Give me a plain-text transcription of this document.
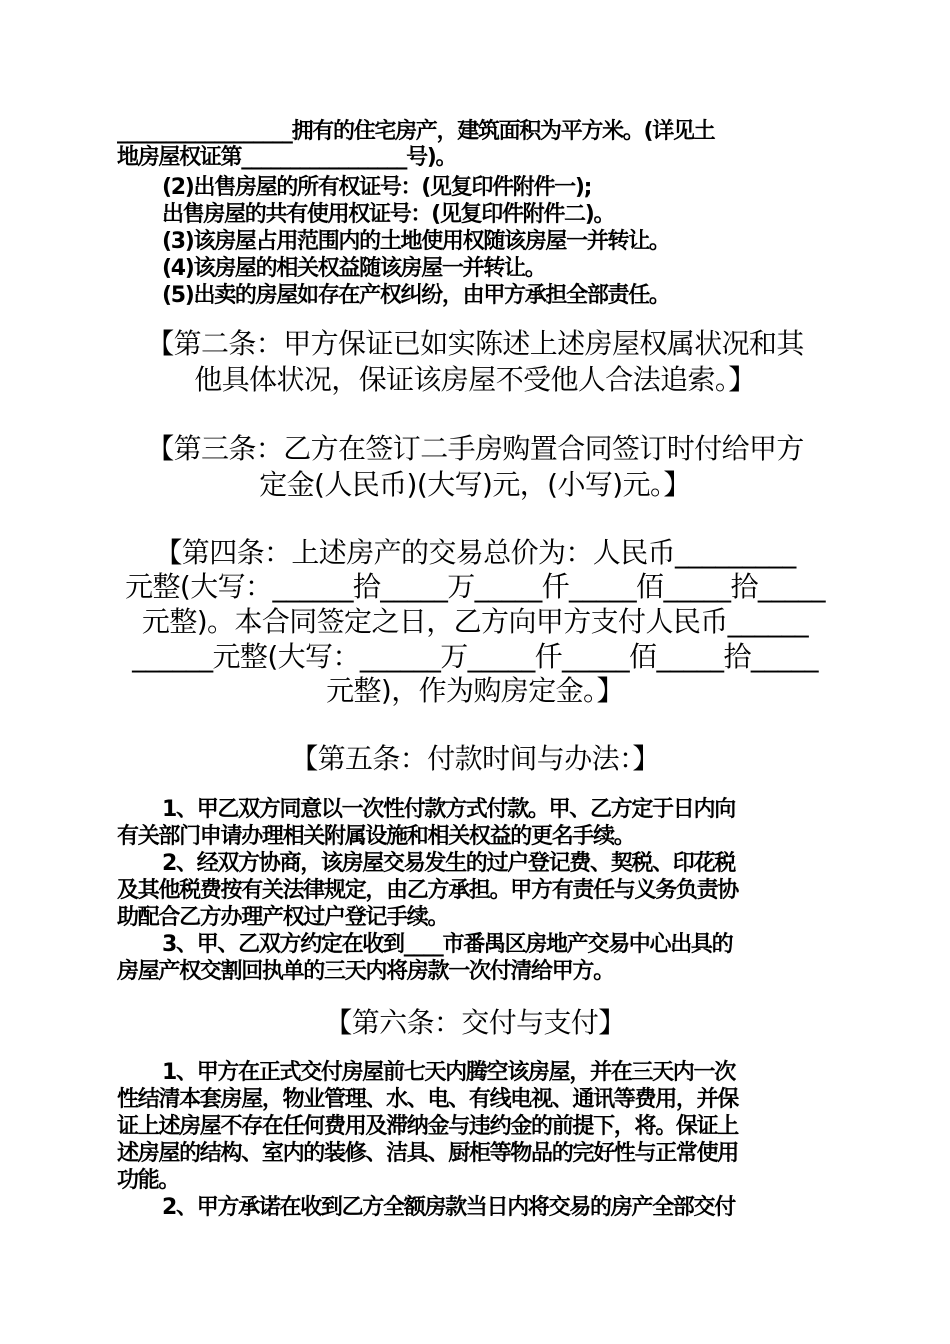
__________________拥有的住宅房产，建筑面积为平方米。(详见土

地房屋权证第_________________号)。

(2)出售房屋的所有权证号：(见复印件附件一);

出售房屋的共有使用权证号：(见复印件附件二)。

(3)该房屋占用范围内的土地使用权随该房屋一并转让。

(4)该房屋的相关权益随该房屋一并转让。

(5)出卖的房屋如存在产权纠纷，由甲方承担全部责任。

【第二条：甲方保证已如实陈述上述房屋权属状况和其

他具体状况，保证该房屋不受他人合法追索。】

【第三条：乙方在签订二手房购置合同签订时付给甲方

定金(人民币)(大写)元，(小写)元。】

【第四条：上述房产的交易总价为：人民币_________

元整(大写：______拾_____万_____仟_____佰_____拾_____

元整)。本合同签定之日，乙方向甲方支付人民币______

______元整(大写：______万_____仟_____佰_____拾_____

元整)，作为购房定金。】

【第五条：付款时间与办法：】

1、甲乙双方同意以一次性付款方式付款。甲、乙方定于日内向

有关部门申请办理相关附属设施和相关权益的更名手续。

2、经双方协商，该房屋交易发生的过户登记费、契税、印花税

及其他税费按有关法律规定，由乙方承担。甲方有责任与义务负责协

助配合乙方办理产权过户登记手续。

3、甲、乙双方约定在收到____市番禺区房地产交易中心出具的

房屋产权交割回执单的三天内将房款一次付清给甲方。

【第六条：交付与支付】

1、甲方在正式交付房屋前七天内腾空该房屋，并在三天内一次

性结清本套房屋，物业管理、水、电、有线电视、通讯等费用，并保

证上述房屋不存在任何费用及滞纳金与违约金的前提下，将。保证上

述房屋的结构、室内的装修、洁具、厨柜等物品的完好性与正常使用

功能。

2、甲方承诺在收到乙方全额房款当日内将交易的房产全部交付
